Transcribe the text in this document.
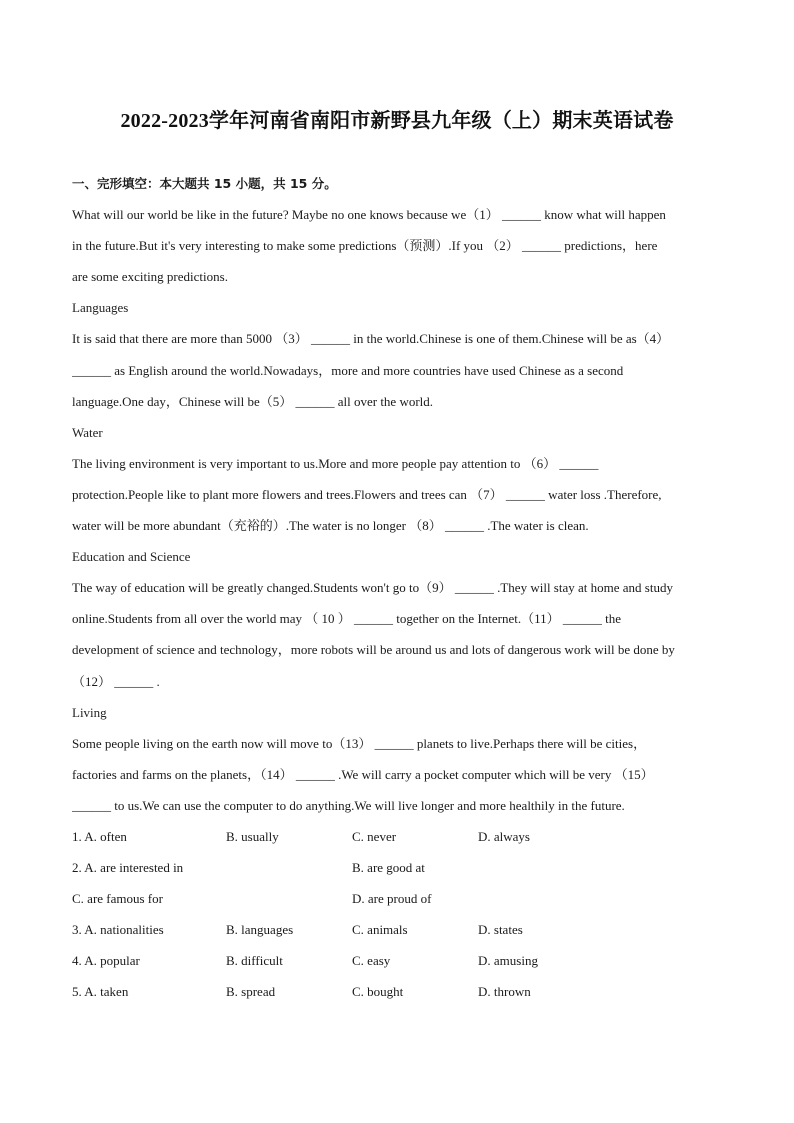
2022-2023学年河南省南阳市新野县九年级（上）期末英语试卷
一、完形填空：本大题共 15 小题，共 15 分。
What will our world be like in the future? Maybe no one knows because we（1） ______ know what will happen
in the future.But it's very interesting to make some predictions（预测）.If you （2） ______ predictions，here
are some exciting predictions.
Languages
It is said that there are more than 5000 （3） ______ in the world.Chinese is one of them.Chinese will be as（4）
______ as English around the world.Nowadays，more and more countries have used Chinese as a second
language.One day，Chinese will be（5） ______ all over the world.
Water
The living environment is very important to us.More and more people pay attention to （6） ______
protection.People like to plant more flowers and trees.Flowers and trees can （7） ______ water loss .Therefore,
water will be more abundant（充裕的）.The water is no longer （8） ______ .The water is clean.
Education and Science
The way of education will be greatly changed.Students won't go to（9） ______ .They will stay at home and study
online.Students from all over the world may （ 10 ） ______ together on the Internet.（11） ______ the
development of science and technology，more robots will be around us and lots of dangerous work will be done by
（12） ______ .
Living
Some people living on the earth now will move to（13） ______ planets to live.Perhaps there will be cities，
factories and farms on the planets，（14） ______ .We will carry a pocket computer which will be very （15）
______ to us.We can use the computer to do anything.We will live longer and more healthily in the future.
1. A. often	B. usually	C. never	D. always
2. A. are interested in	B. are good at
C. are famous for	D. are proud of
3. A. nationalities	B. languages	C. animals	D. states
4. A. popular	B. difficult	C. easy	D. amusing
5. A. taken	B. spread	C. bought	D. thrown
